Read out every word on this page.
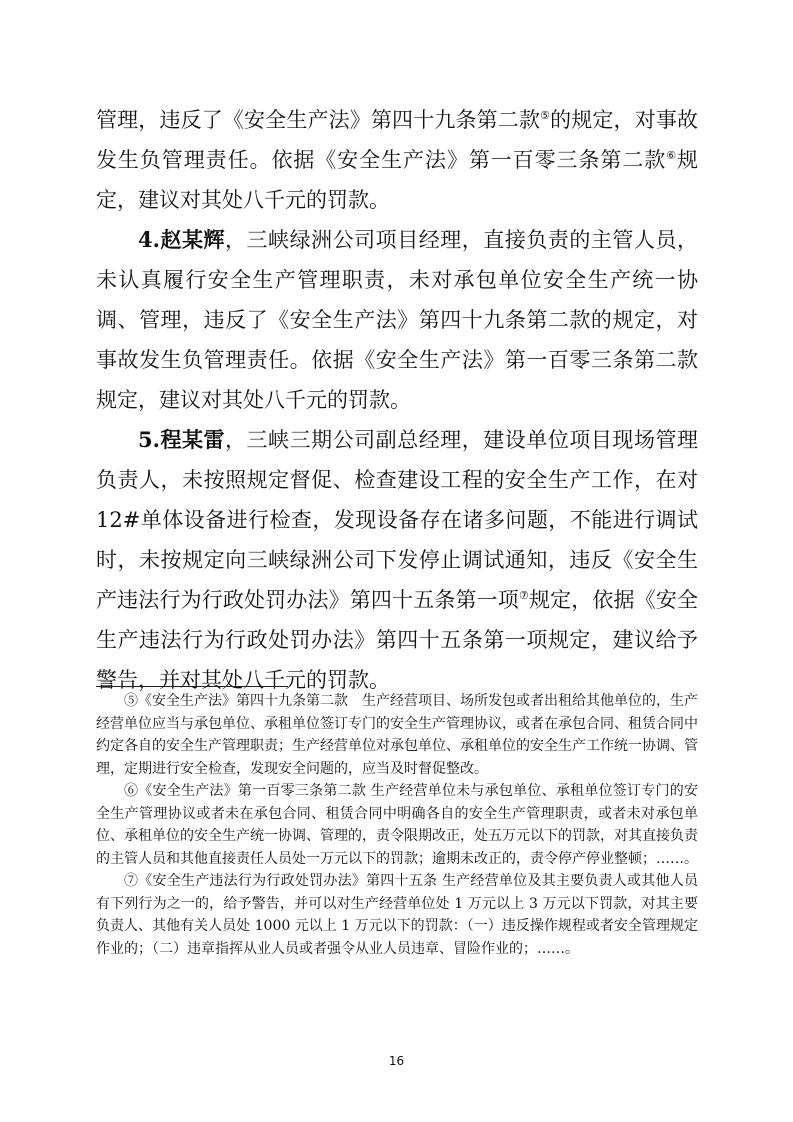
管理，违反了《安全生产法》第四十九条第二款⑤的规定，对事故发生负管理责任。依据《安全生产法》第一百零三条第二款⑥规定，建议对其处八千元的罚款。

4.赵某辉，三峡绿洲公司项目经理，直接负责的主管人员，未认真履行安全生产管理职责，未对承包单位安全生产统一协调、管理，违反了《安全生产法》第四十九条第二款的规定，对事故发生负管理责任。依据《安全生产法》第一百零三条第二款规定，建议对其处八千元的罚款。

5.程某雷，三峡三期公司副总经理，建设单位项目现场管理负责人，未按照规定督促、检查建设工程的安全生产工作，在对12#单体设备进行检查，发现设备存在诸多问题，不能进行调试时，未按规定向三峡绿洲公司下发停止调试通知，违反《安全生产违法行为行政处罚办法》第四十五条第一项⑦规定，依据《安全生产违法行为行政处罚办法》第四十五条第一项规定，建议给予警告，并对其处八千元的罚款。

⑤《安全生产法》第四十九条第二款　生产经营项目、场所发包或者出租给其他单位的，生产经营单位应当与承包单位、承租单位签订专门的安全生产管理协议，或者在承包合同、租赁合同中约定各自的安全生产管理职责；生产经营单位对承包单位、承租单位的安全生产工作统一协调、管理，定期进行安全检查，发现安全问题的，应当及时督促整改。

⑥《安全生产法》第一百零三条第二款 生产经营单位未与承包单位、承租单位签订专门的安全生产管理协议或者未在承包合同、租赁合同中明确各自的安全生产管理职责，或者未对承包单位、承租单位的安全生产统一协调、管理的，责令限期改正，处五万元以下的罚款，对其直接负责的主管人员和其他直接责任人员处一万元以下的罚款；逾期未改正的，责令停产停业整顿；……。

⑦《安全生产违法行为行政处罚办法》第四十五条 生产经营单位及其主要负责人或其他人员有下列行为之一的，给予警告，并可以对生产经营单位处 1 万元以上 3 万元以下罚款，对其主要负责人、其他有关人员处 1000 元以上 1 万元以下的罚款：（一）违反操作规程或者安全管理规定作业的；（二）违章指挥从业人员或者强令从业人员违章、冒险作业的；……。

16
